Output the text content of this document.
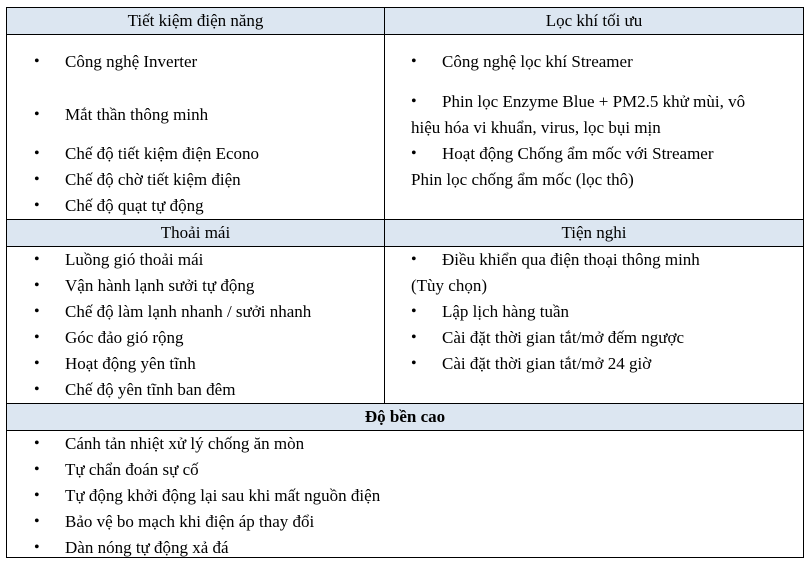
Tiết kiệm điện năng	Lọc khí tối ưu
Thoải mái	Tiện nghi
Độ bền cao
• Công nghệ Inverter
• Mắt thần thông minh
• Chế độ tiết kiệm điện Econo
• Chế độ chờ tiết kiệm điện
• Chế độ quạt tự động
• Công nghệ lọc khí Streamer
• Phin lọc Enzyme Blue + PM2.5 khử mùi, vô
hiệu hóa vi khuẩn, virus, lọc bụi mịn
• Hoạt động Chống ẩm mốc với Streamer
Phin lọc chống ẩm mốc (lọc thô)
• Luồng gió thoải mái
• Vận hành lạnh sưởi tự động
• Chế độ làm lạnh nhanh / sưởi nhanh
• Góc đảo gió rộng
• Hoạt động yên tĩnh
• Chế độ yên tĩnh ban đêm
• Điều khiển qua điện thoại thông minh
(Tùy chọn)
• Lập lịch hàng tuần
• Cài đặt thời gian tắt/mở đếm ngược
• Cài đặt thời gian tắt/mở 24 giờ
• Cánh tản nhiệt xử lý chống ăn mòn
• Tự chẩn đoán sự cố
• Tự động khởi động lại sau khi mất nguồn điện
• Bảo vệ bo mạch khi điện áp thay đổi
• Dàn nóng tự động xả đá
